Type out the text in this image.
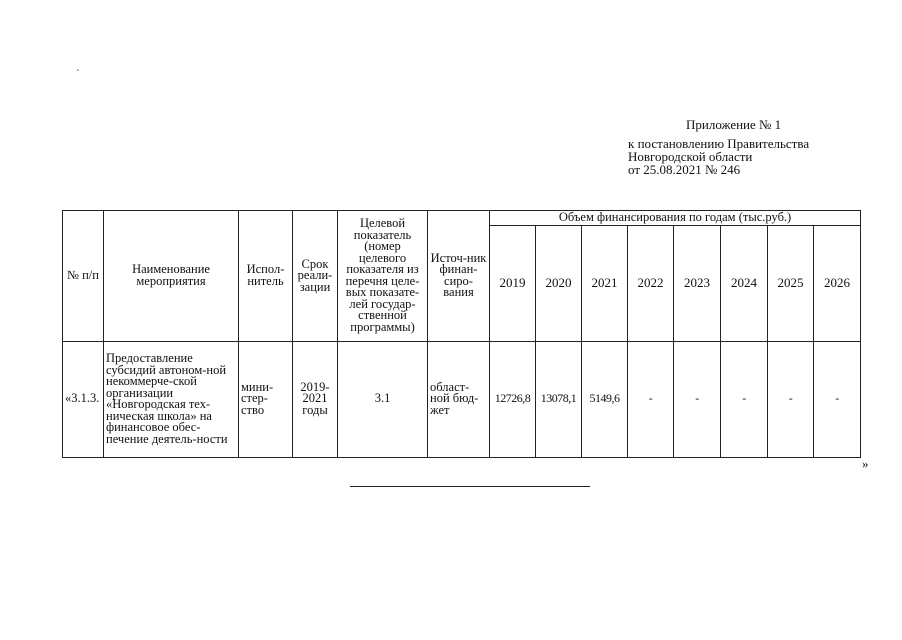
Приложение № 1
к постановлению Правительства
Новгородской области
от 25.08.2021 № 246
№ п/п	Наименование мероприятия	Испол-нитель	Срок реали-зации	Целевой показатель (номер целевого показателя из перечня целе-вых показате-лей государ-ственной программы)	Источ-ник финан-сиро-вания	Объем финансирования по годам (тыс.руб.)							
						2019	2020	2021	2022	2023	2024	2025	2026
«3.1.3.	Предоставление субсидий автоном-ной некоммерче-ской организации «Новгородская тех-ническая школа» на финансовое обес-печение деятель-ности	мини-стер-ство	2019-2021 годы	3.1	област-ной бюд-жет	12726,8	13078,1	5149,6	-	-	-	-	-
»
